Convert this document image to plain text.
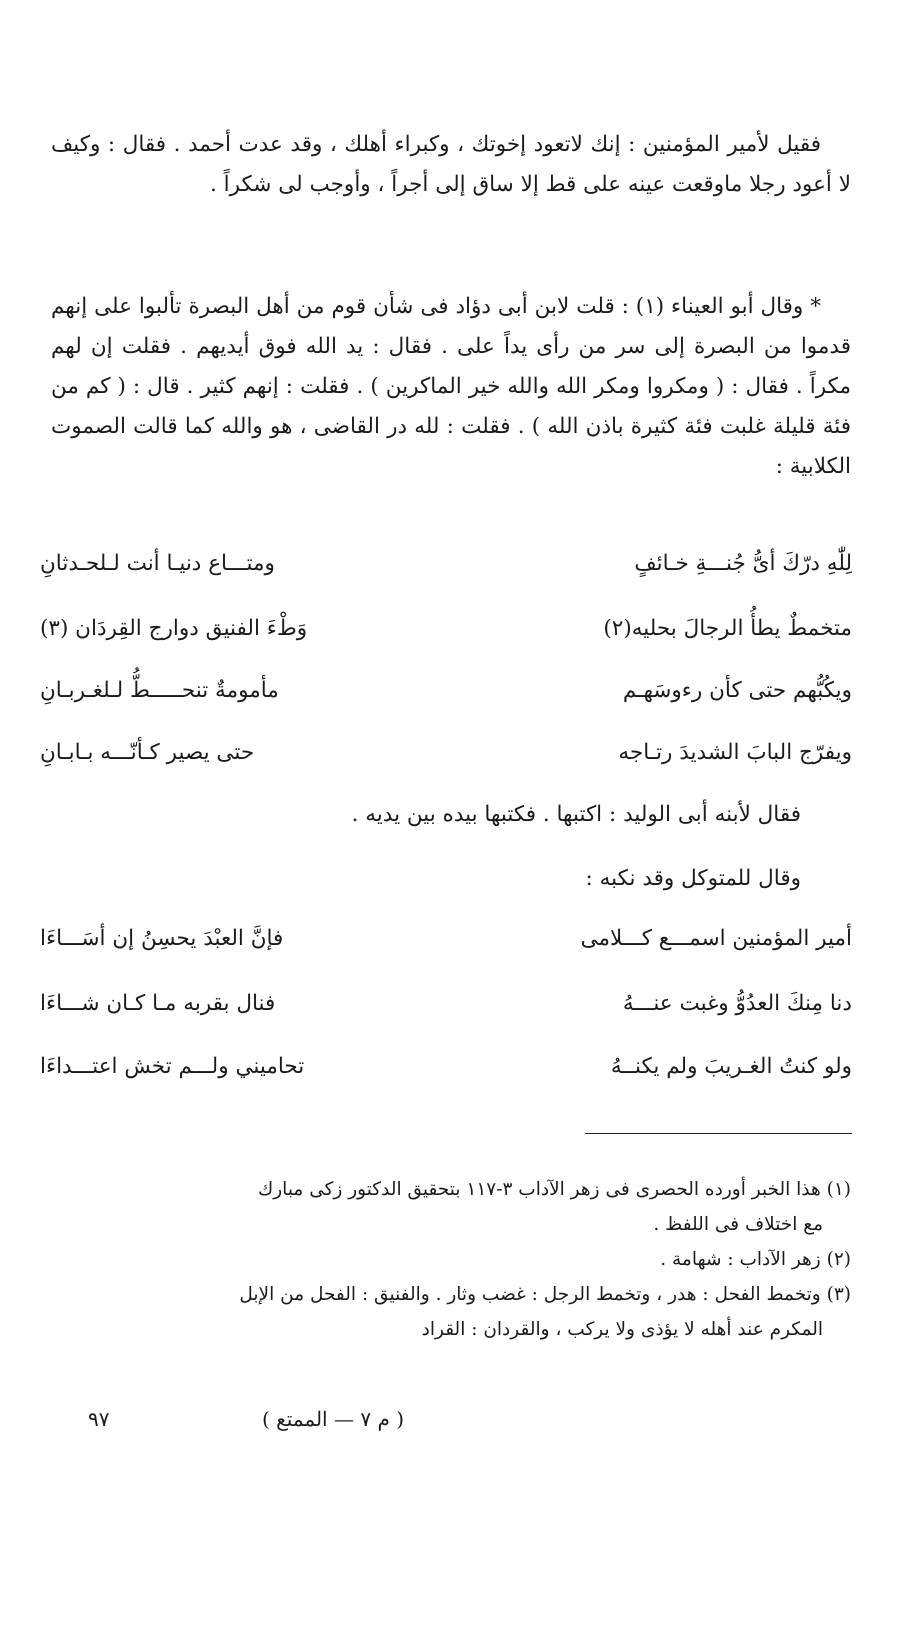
فقيل لأمير المؤمنين : إنك لاتعود إخوتك ، وكبراء أهلك ، وقد عدت أحمد . فقال : وكيف لا أعود رجلا ماوقعت عينه على قط إلا ساق إلى أجراً ، وأوجب لى شكراً .

* وقال أبو العيناء (١) : قلت لابن أبى دؤاد فى شأن قوم من أهل البصرة تألبوا على إنهم قدموا من البصرة إلى سر من رأى يداً على . فقال : يد الله فوق أيديهم . فقلت إن لهم مكراً . فقال : ( ومكروا ومكر الله والله خير الماكرين ) . فقلت : إنهم كثير . قال : ( كم من فئة قليلة غلبت فئة كثيرة باذن الله ) . فقلت : لله در القاضى ، هو والله كما قالت الصموت الكلابية :

لِلّٰهِ درّكَ أىُّ جُنـــةِ خـائفٍ
ومتـــاع دنيـا أنت لـلحـدثانِ
متخمطٌ يطأُ الرجالَ بحليه(٢)
وَطْءَ الفنيق دوارج القِردَان (٣)
ويكُبُّهم حتى كأن رءوسَهـم
مأمومةٌ تنحـــــطُّ لـلغـربـانِ
ويفرّج البابَ الشديدَ رتـاجه
حتى يصير كـأنّـــه بـابـانِ
فقال لأبنه أبى الوليد : اكتبها . فكتبها بيده بين يديه .
وقال للمتوكل وقد نكبه :
أمير المؤمنين اسمـــع كـــلامى
فإنَّ العبْدَ يحسِنُ إن أسَـــاءَا
دنا مِنكَ العدُوُّ وغبت عنـــهُ
فنال بقربه مـا كـان شـــاءَا
ولو كنتُ الغـريبَ ولم يكنــهُ
تحاميني ولـــم تخش اعتـــداءَا

(١) هذا الخبر أورده الحصرى فى زهر الآداب ٣-١١٧ بتحقيق الدكتور زكى مبارك

مع اختلاف فى اللفظ .

(٢) زهر الآداب : شهامة .

(٣) وتخمط الفحل : هدر ، وتخمط الرجل : غضب وثار . والفنيق : الفحل من الإبل

المكرم عند أهله لا يؤذى ولا يركب ، والقردان : القراد

٩٧	( م ٧ — الممتع )
